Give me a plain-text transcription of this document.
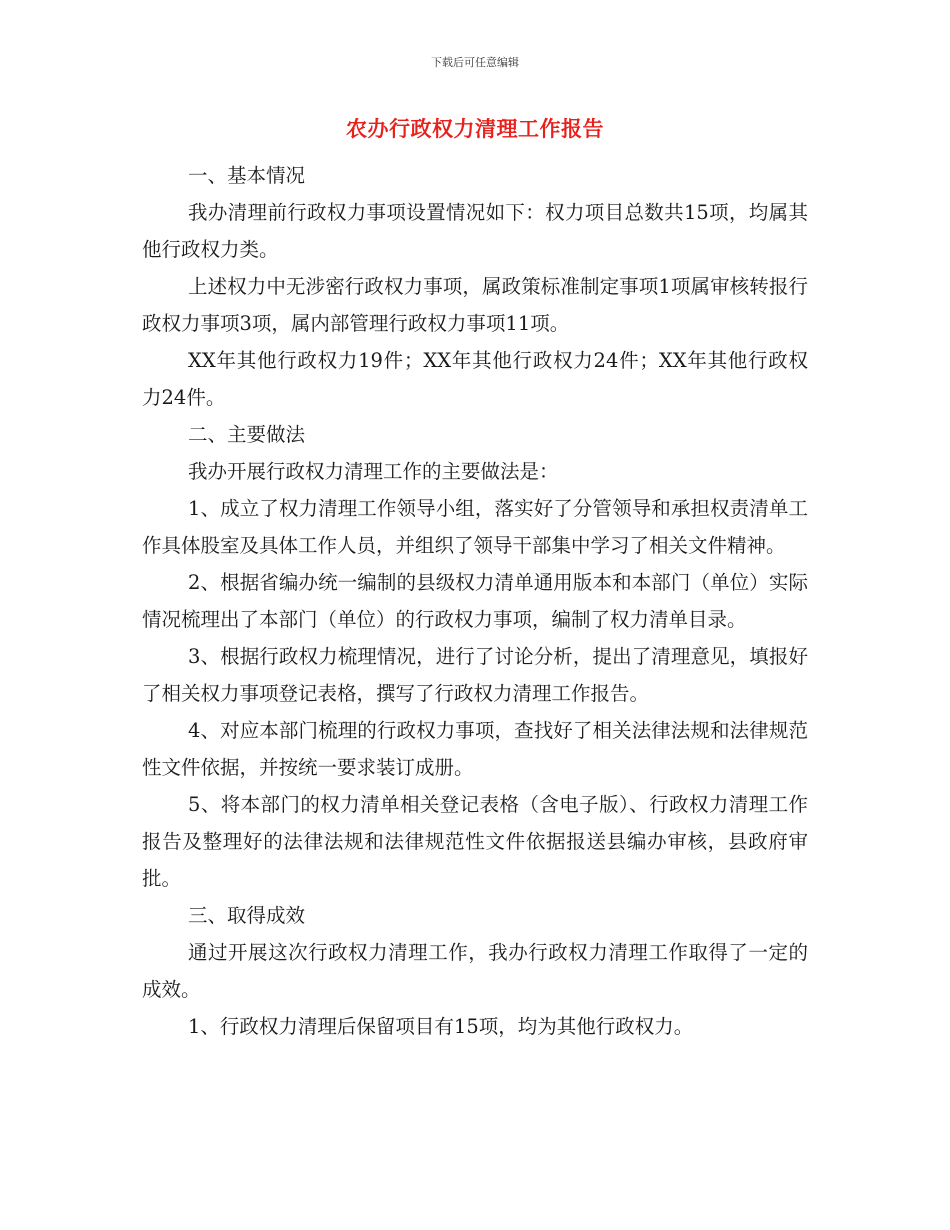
下载后可任意编辑
农办行政权力清理工作报告

一、基本情况

我办清理前行政权力事项设置情况如下：权力项目总数共15项，均属其他行政权力类。

上述权力中无涉密行政权力事项，属政策标准制定事项1项属审核转报行政权力事项3项，属内部管理行政权力事项11项。

XX年其他行政权力19件；XX年其他行政权力24件；XX年其他行政权力24件。

二、主要做法

我办开展行政权力清理工作的主要做法是：

1、成立了权力清理工作领导小组，落实好了分管领导和承担权责清单工作具体股室及具体工作人员，并组织了领导干部集中学习了相关文件精神。

2、根据省编办统一编制的县级权力清单通用版本和本部门（单位）实际情况梳理出了本部门（单位）的行政权力事项，编制了权力清单目录。

3、根据行政权力梳理情况，进行了讨论分析，提出了清理意见，填报好了相关权力事项登记表格，撰写了行政权力清理工作报告。

4、对应本部门梳理的行政权力事项，查找好了相关法律法规和法律规范性文件依据，并按统一要求装订成册。

5、将本部门的权力清单相关登记表格（含电子版）、行政权力清理工作报告及整理好的法律法规和法律规范性文件依据报送县编办审核，县政府审批。

三、取得成效

通过开展这次行政权力清理工作，我办行政权力清理工作取得了一定的成效。

1、行政权力清理后保留项目有15项，均为其他行政权力。
